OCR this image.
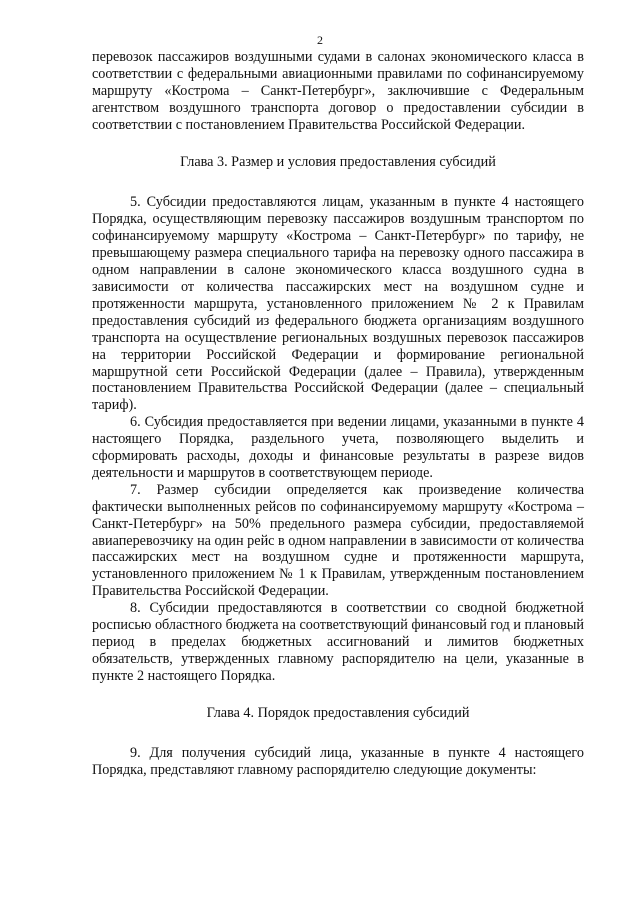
2

перевозок пассажиров воздушными судами в салонах экономического класса в соответствии с федеральными авиационными правилами по софинансируемому маршруту «Кострома – Санкт-Петербург», заключившие с Федеральным агентством воздушного транспорта договор о предоставлении субсидии в соответствии с постановлением Правительства Российской Федерации.

Глава 3. Размер и условия предоставления субсидий

5. Субсидии предоставляются лицам, указанным в пункте 4 настоящего Порядка, осуществляющим перевозку пассажиров воздушным транспортом по софинансируемому маршруту «Кострома – Санкт-Петербург» по тарифу, не превышающему размера специального тарифа на перевозку одного пассажира в одном направлении в салоне экономического класса воздушного судна в зависимости от количества пассажирских мест на воздушном судне и протяженности маршрута, установленного приложением № 2 к Правилам предоставления субсидий из федерального бюджета организациям воздушного транспорта на осуществление региональных воздушных перевозок пассажиров на территории Российской Федерации и формирование региональной маршрутной сети Российской Федерации (далее – Правила), утвержденным постановлением Правительства Российской Федерации (далее – специальный тариф).

6. Субсидия предоставляется при ведении лицами, указанными в пункте 4 настоящего Порядка, раздельного учета, позволяющего выделить и сформировать расходы, доходы и финансовые результаты в разрезе видов деятельности и маршрутов в соответствующем периоде.

7. Размер субсидии определяется как произведение количества фактически выполненных рейсов по софинансируемому маршруту «Кострома – Санкт-Петербург» на 50% предельного размера субсидии, предоставляемой авиаперевозчику на один рейс в одном направлении в зависимости от количества пассажирских мест на воздушном судне и протяженности маршрута, установленного приложением № 1 к Правилам, утвержденным постановлением Правительства Российской Федерации.

8. Субсидии предоставляются в соответствии со сводной бюджетной росписью областного бюджета на соответствующий финансовый год и плановый период в пределах бюджетных ассигнований и лимитов бюджетных обязательств, утвержденных главному распорядителю на цели, указанные в пункте 2 настоящего Порядка.

Глава 4. Порядок предоставления субсидий

9. Для получения субсидий лица, указанные в пункте 4 настоящего Порядка, представляют главному распорядителю следующие документы:
